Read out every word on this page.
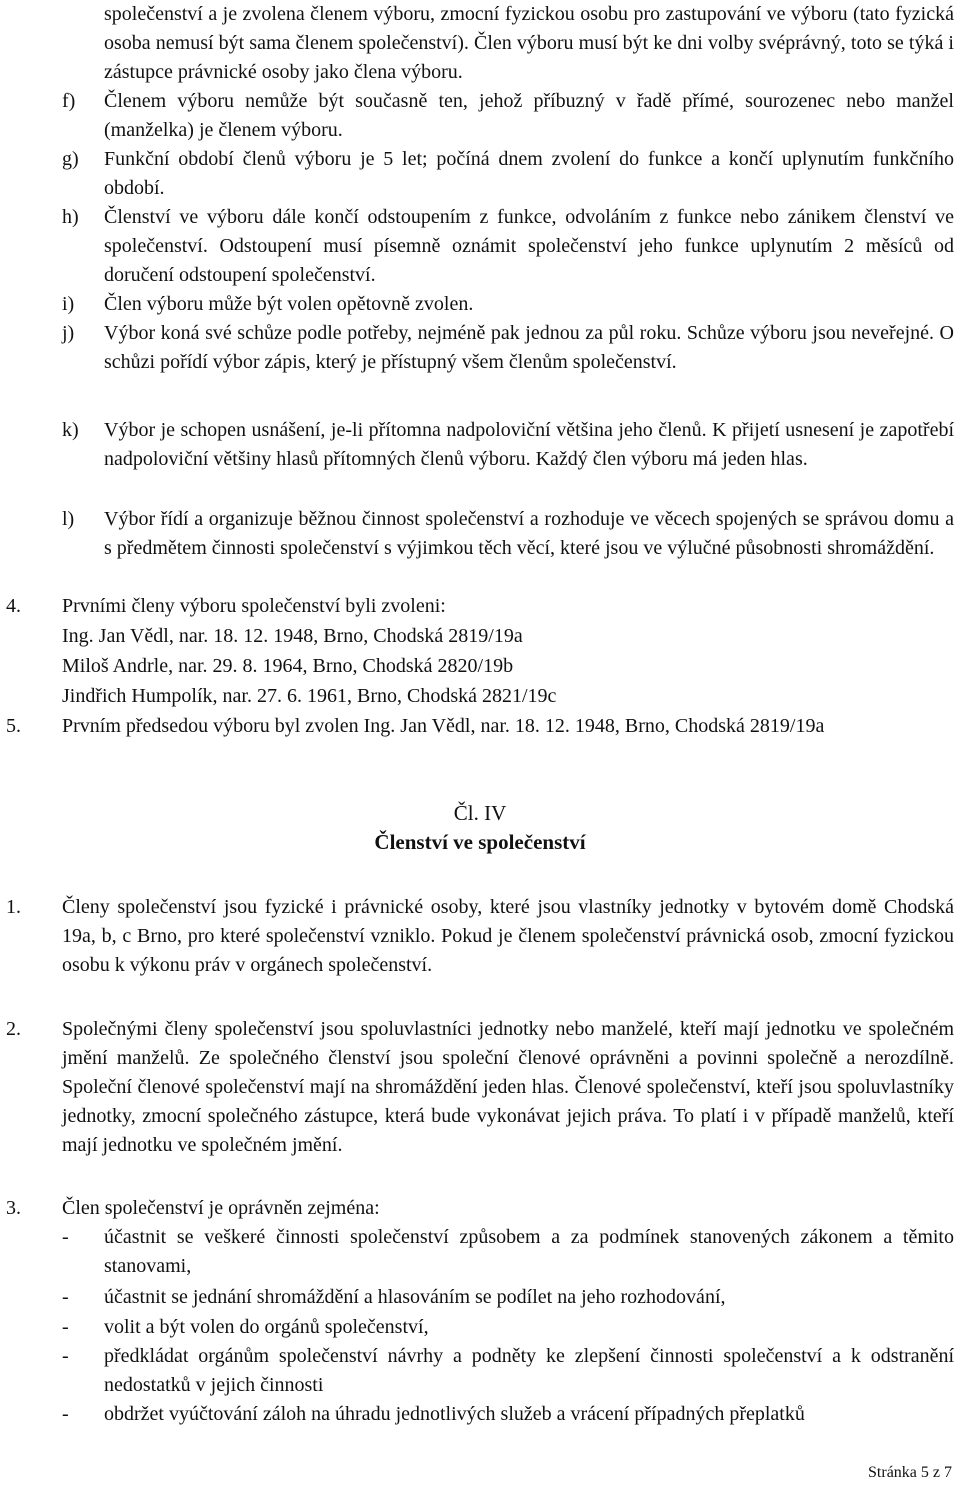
společenství a je zvolena členem výboru, zmocní fyzickou osobu pro zastupování ve výboru (tato fyzická osoba nemusí být sama členem společenství). Člen výboru musí být ke dni volby svéprávný, toto se týká i zástupce právnické osoby jako člena výboru.
f) Členem výboru nemůže být současně ten, jehož příbuzný v řadě přímé, sourozenec nebo manžel (manželka) je členem výboru.
g) Funkční období členů výboru je 5 let; počíná dnem zvolení do funkce a končí uplynutím funkčního období.
h) Členství ve výboru dále končí odstoupením z funkce, odvoláním z funkce nebo zánikem členství ve společenství. Odstoupení musí písemně oznámit společenství jeho funkce uplynutím 2 měsíců od doručení odstoupení společenství.
i) Člen výboru může být volen opětovně zvolen.
j) Výbor koná své schůze podle potřeby, nejméně pak jednou za půl roku. Schůze výboru jsou neveřejné. O schůzi pořídí výbor zápis, který je přístupný všem členům společenství.
k) Výbor je schopen usnášení, je-li přítomna nadpoloviční většina jeho členů. K přijetí usnesení je zapotřebí nadpoloviční většiny hlasů přítomných členů výboru. Každý člen výboru má jeden hlas.
l) Výbor řídí a organizuje běžnou činnost společenství a rozhoduje ve věcech spojených se správou domu a s předmětem činnosti společenství s výjimkou těch věcí, které jsou ve výlučné působnosti shromáždění.
4. Prvními členy výboru společenství byli zvoleni:
Ing. Jan Vědl, nar. 18. 12. 1948, Brno, Chodská 2819/19a
Miloš Andrle, nar. 29. 8. 1964, Brno, Chodská 2820/19b
Jindřich Humpolík, nar. 27. 6. 1961, Brno, Chodská 2821/19c
5. Prvním předsedou výboru byl zvolen Ing. Jan Vědl, nar. 18. 12. 1948, Brno, Chodská 2819/19a
Čl. IV
Členství ve společenství
1. Členy společenství jsou fyzické i právnické osoby, které jsou vlastníky jednotky v bytovém domě Chodská 19a, b, c Brno, pro které společenství vzniklo. Pokud je členem společenství právnická osob, zmocní fyzickou osobu k výkonu práv v orgánech společenství.
2. Společnými členy společenství jsou spoluvlastníci jednotky nebo manželé, kteří mají jednotku ve společném jmění manželů. Ze společného členství jsou společní členové oprávněni a povinni společně a nerozdílně. Společní členové společenství mají na shromáždění jeden hlas. Členové společenství, kteří jsou spoluvlastníky jednotky, zmocní společného zástupce, která bude vykonávat jejich práva. To platí i v případě manželů, kteří mají jednotku ve společném jmění.
3. Člen společenství je oprávněn zejména:
- účastnit se veškeré činnosti společenství způsobem a za podmínek stanovených zákonem a těmito stanovami,
- účastnit se jednání shromáždění a hlasováním se podílet na jeho rozhodování,
- volit a být volen do orgánů společenství,
- předkládat orgánům společenství návrhy a podněty ke zlepšení činnosti společenství a k odstranění nedostatků v jejich činnosti
- obdržet vyúčtování záloh na úhradu jednotlivých služeb a vrácení případných přeplatků
Stránka 5 z 7
